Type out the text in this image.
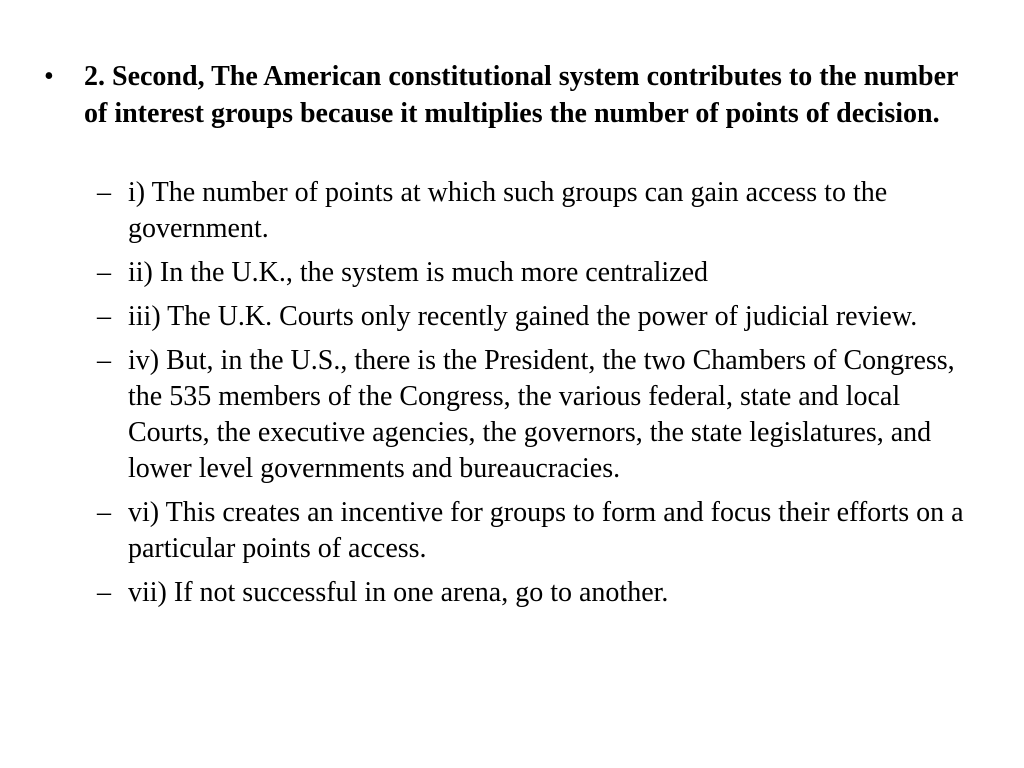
•	2. Second, The American constitutional system contributes to the number of interest groups because it multiplies the number of points of decision.
– i) The number of points at which such groups can gain access to the government.
– ii) In the U.K., the system is much more centralized
– iii) The U.K. Courts only recently gained the power of judicial review.
– iv) But, in the U.S., there is the President, the two Chambers of Congress, the 535 members of the Congress, the various federal, state and local Courts, the executive agencies, the governors, the state legislatures, and lower level governments and bureaucracies.
– vi) This creates an incentive for groups to form and focus their efforts on a particular points of access.
– vii) If not successful in one arena, go to another.
